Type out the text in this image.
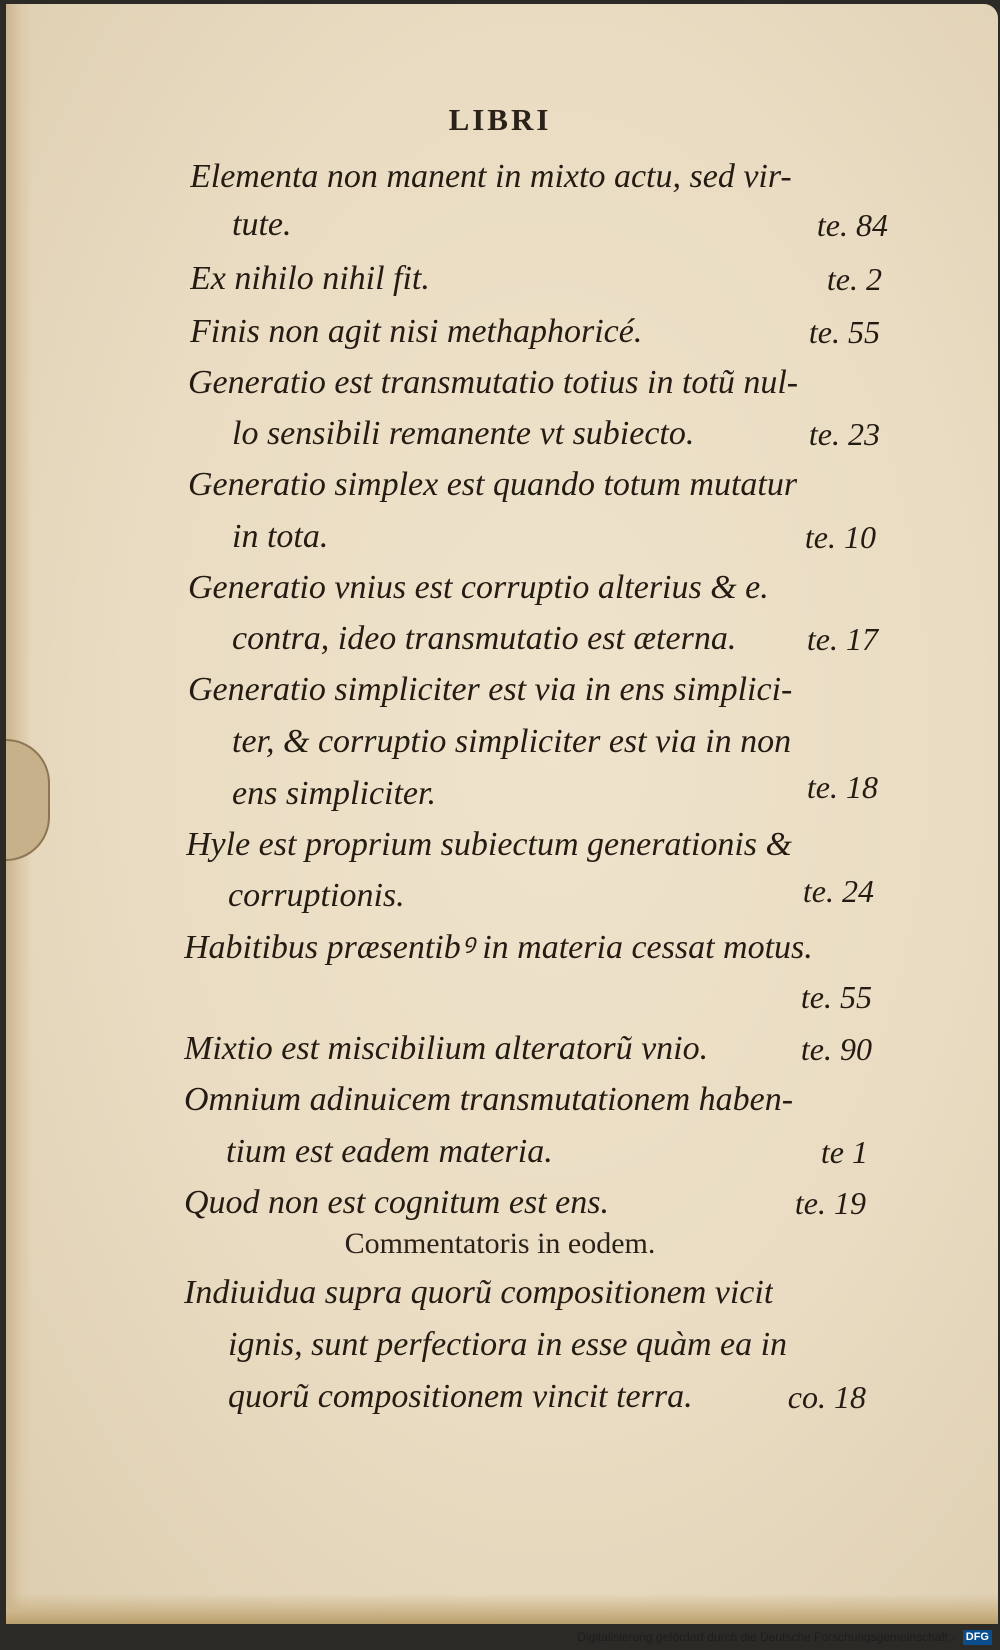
LIBRI
Elementa non manent in mixto actu, sed vir-
tute.	te. 84
Ex nihilo nihil fit.	te. 2
Finis non agit nisi methaphoricé.	te. 55
Generatio est transmutatio totius in totũ nul-
lo sensibili remanente vt subiecto.	te. 23
Generatio simplex est quando totum mutatur
in tota.	te. 10
Generatio vnius est corruptio alterius & e.
contra, ideo transmutatio est æterna. te. 17
Generatio simpliciter est via in ens simplici-
ter, & corruptio simpliciter est via in non
ens simpliciter.	te. 18
Hyle est proprium subiectum generationis &
corruptionis.	te. 24
Habitibus præsentibꝰ in materia cessat motus.
te. 55
Mixtio est miscibilium alteratorũ vnio.	te. 90
Omnium adinuicem transmutationem haben-
tium est eadem materia.	te 1
Quod non est cognitum est ens.	te. 19
Commentatoris in eodem.
Indiuidua supra quorũ compositionem vicit
ignis, sunt perfectiora in esse quàm ea in
quorũ compositionem vincit terra.	co. 18
Digitalisierung gefördert durch die Deutsche Forschungsgemeinschaft - DFG
